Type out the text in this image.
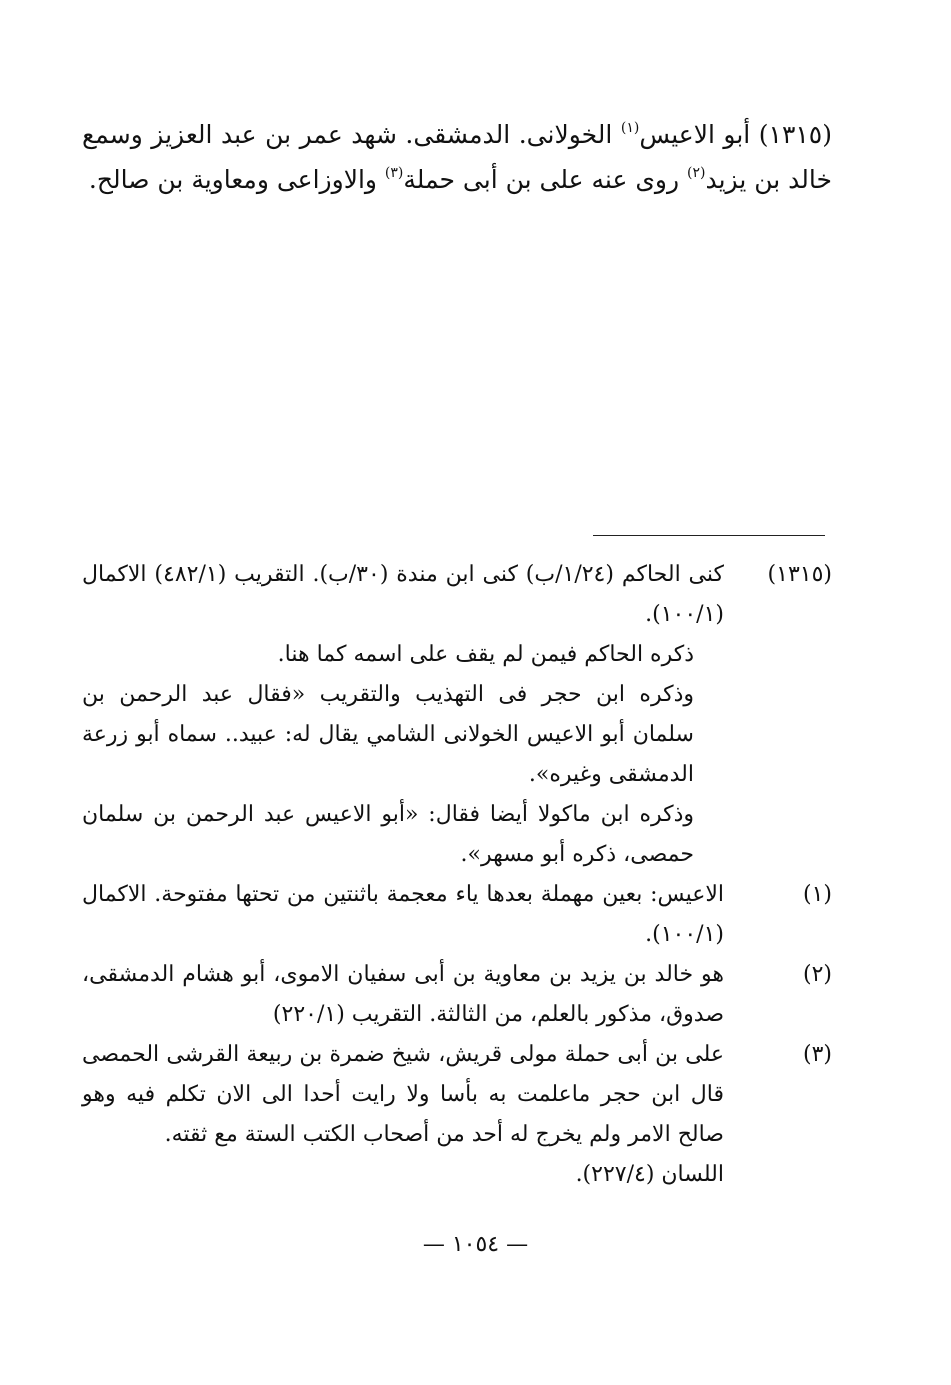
(١٣١٥) أبو الاعيس$^{(١)}$ الخولانى. الدمشقى. شهد عمر بن عبد العزيز وسمع خالد بن يزيد$^{(٢)}$ روى عنه على بن أبى حملة$^{(٣)}$ والاوزاعى ومعاوية بن صالح.

(١٣١٥)

كنى الحاكم (١/٢٤/ب) كنى ابن مندة (٣٠/ب). التقريب (٤٨٢/١) الاكمال (١٠٠/١).

ذكره الحاكم فيمن لم يقف على اسمه كما هنا.

وذكره ابن حجر فى التهذيب والتقريب «فقال عبد الرحمن بن سلمان أبو الاعيس الخولانى الشامي يقال له: عبيد.. سماه أبو زرعة الدمشقى وغيره».

وذكره ابن ماكولا أيضا فقال: «أبو الاعيس عبد الرحمن بن سلمان حمصى، ذكره أبو مسهر».

(١)

الاعيس: بعين مهملة بعدها ياء معجمة باثنتين من تحتها مفتوحة. الاكمال (١٠٠/١).

(٢)

هو خالد بن يزيد بن معاوية بن أبى سفيان الاموى، أبو هشام الدمشقى، صدوق، مذكور بالعلم، من الثالثة. التقريب (٢٢٠/١)

(٣)

على بن أبى حملة مولى قريش، شيخ ضمرة بن ربيعة القرشى الحمصى قال ابن حجر ماعلمت به بأسا ولا رايت أحدا الى الان تكلم فيه وهو صالح الامر ولم يخرج له أحد من أصحاب الكتب الستة مع ثقته.

اللسان (٢٢٧/٤).

— ١٠٥٤ —
